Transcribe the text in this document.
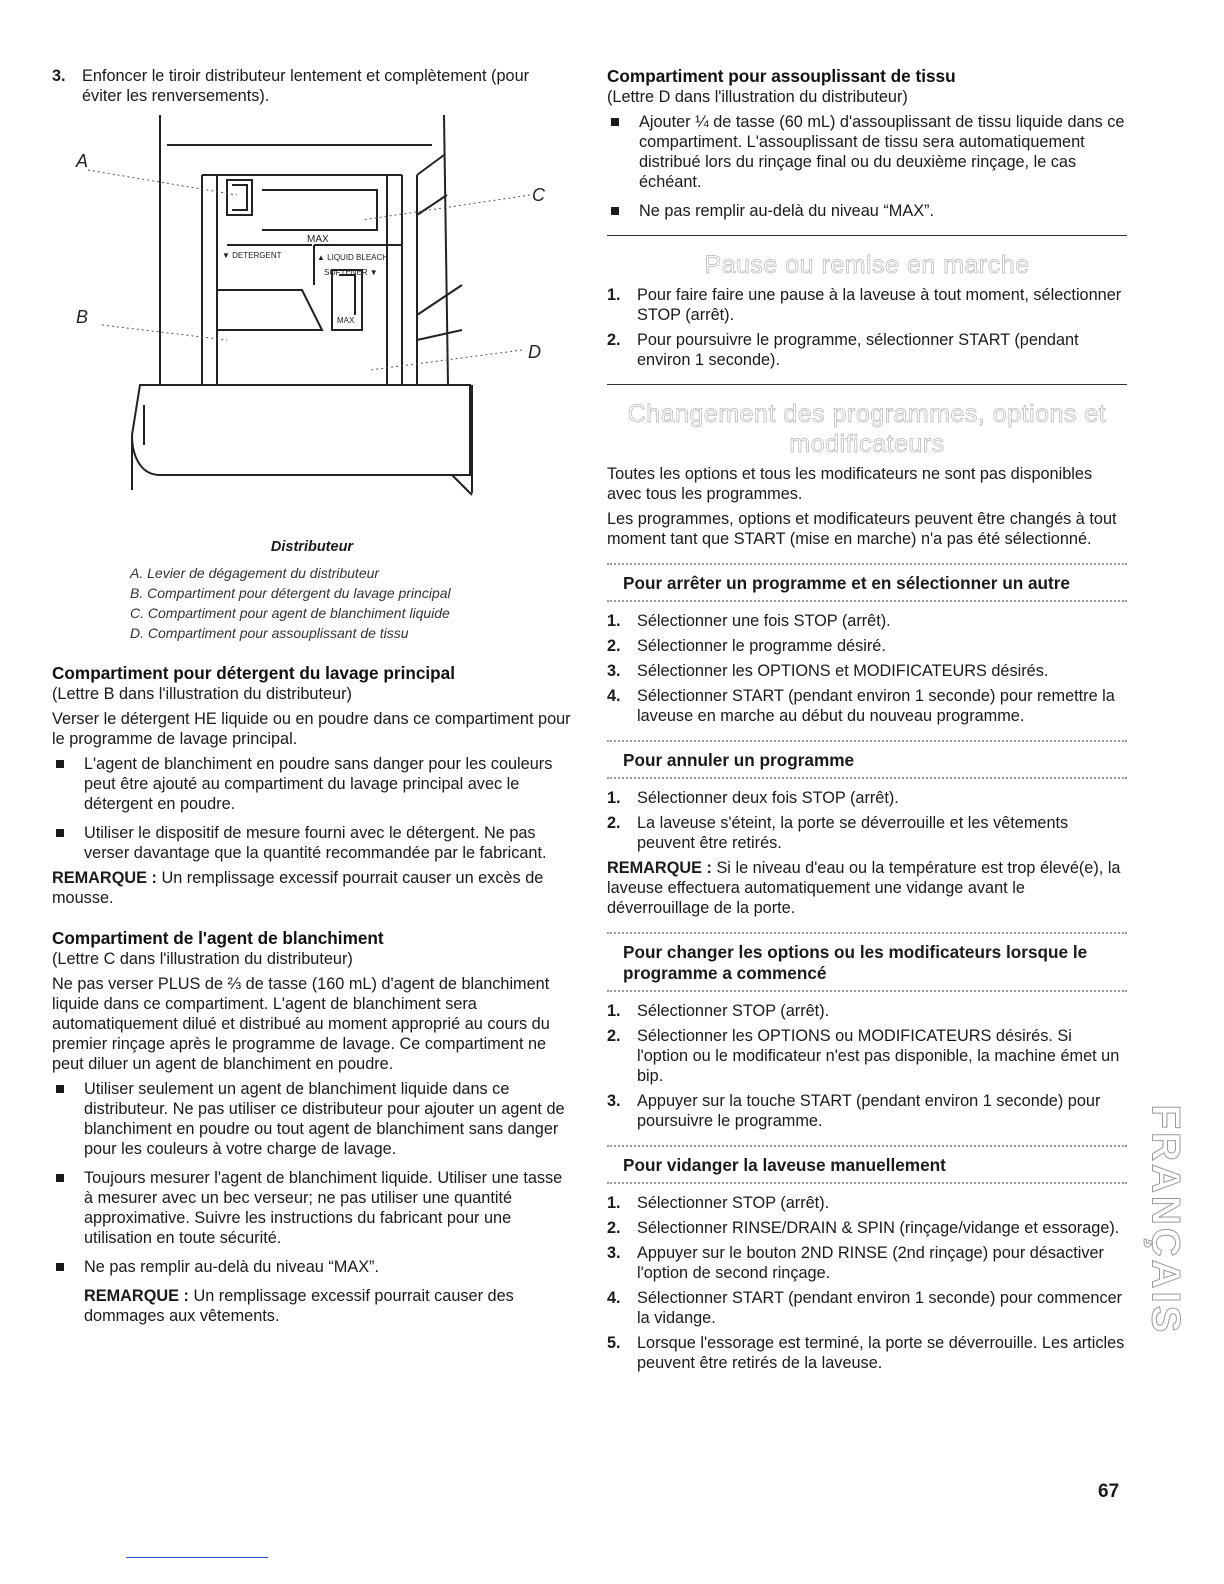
3. Enfoncer le tiroir distributeur lentement et complètement (pour éviter les renversements).

A
B
C
D
MAX
▼ DETERGENT	▲ LIQUID BLEACH
SOFTENER ▼
MAX

Distributeur

A. Levier de dégagement du distributeur

B. Compartiment pour détergent du lavage principal

C. Compartiment pour agent de blanchiment liquide

D. Compartiment pour assouplissant de tissu

Compartiment pour détergent du lavage principal

(Lettre B dans l'illustration du distributeur)

Verser le détergent HE liquide ou en poudre dans ce compartiment pour le programme de lavage principal.

L'agent de blanchiment en poudre sans danger pour les couleurs peut être ajouté au compartiment du lavage principal avec le détergent en poudre.

Utiliser le dispositif de mesure fourni avec le détergent. Ne pas verser davantage que la quantité recommandée par le fabricant.

REMARQUE : Un remplissage excessif pourrait causer un excès de mousse.

Compartiment de l'agent de blanchiment

(Lettre C dans l'illustration du distributeur)

Ne pas verser PLUS de ⅔ de tasse (160 mL) d'agent de blanchiment liquide dans ce compartiment. L'agent de blanchiment sera automatiquement dilué et distribué au moment approprié au cours du premier rinçage après le programme de lavage. Ce compartiment ne peut diluer un agent de blanchiment en poudre.

Utiliser seulement un agent de blanchiment liquide dans ce distributeur. Ne pas utiliser ce distributeur pour ajouter un agent de blanchiment en poudre ou tout agent de blanchiment sans danger pour les couleurs à votre charge de lavage.

Toujours mesurer l'agent de blanchiment liquide. Utiliser une tasse à mesurer avec un bec verseur; ne pas utiliser une quantité approximative. Suivre les instructions du fabricant pour une utilisation en toute sécurité.

Ne pas remplir au-delà du niveau “MAX”.

REMARQUE : Un remplissage excessif pourrait causer des dommages aux vêtements.

Compartiment pour assouplissant de tissu

(Lettre D dans l'illustration du distributeur)

Ajouter ¼ de tasse (60 mL) d'assouplissant de tissu liquide dans ce compartiment. L'assouplissant de tissu sera automatiquement distribué lors du rinçage final ou du deuxième rinçage, le cas échéant.

Ne pas remplir au-delà du niveau “MAX”.

Pause ou remise en marche

1. Pour faire faire une pause à la laveuse à tout moment, sélectionner STOP (arrêt).

2. Pour poursuivre le programme, sélectionner START (pendant environ 1 seconde).

Changement des programmes, options et

modificateurs

Toutes les options et tous les modificateurs ne sont pas disponibles avec tous les programmes.

Les programmes, options et modificateurs peuvent être changés à tout moment tant que START (mise en marche) n'a pas été sélectionné.

Pour arrêter un programme et en sélectionner un autre
1. Sélectionner une fois STOP (arrêt).

2. Sélectionner le programme désiré.

3. Sélectionner les OPTIONS et MODIFICATEURS désirés.

4. Sélectionner START (pendant environ 1 seconde) pour remettre la laveuse en marche au début du nouveau programme.

Pour annuler un programme
1. Sélectionner deux fois STOP (arrêt).

2. La laveuse s'éteint, la porte se déverrouille et les vêtements peuvent être retirés.

REMARQUE : Si le niveau d'eau ou la température est trop élevé(e), la laveuse effectuera automatiquement une vidange avant le déverrouillage de la porte.

Pour changer les options ou les modificateurs lorsque le programme a commencé
1. Sélectionner STOP (arrêt).

2. Sélectionner les OPTIONS ou MODIFICATEURS désirés. Si l'option ou le modificateur n'est pas disponible, la machine émet un bip.

3. Appuyer sur la touche START (pendant environ 1 seconde) pour poursuivre le programme.

Pour vidanger la laveuse manuellement
1. Sélectionner STOP (arrêt).

2. Sélectionner RINSE/DRAIN & SPIN (rinçage/vidange et essorage).

3. Appuyer sur le bouton 2ND RINSE (2nd rinçage) pour désactiver l'option de second rinçage.

4. Sélectionner START (pendant environ 1 seconde) pour commencer la vidange.

5. Lorsque l'essorage est terminé, la porte se déverrouille. Les articles peuvent être retirés de la laveuse.

FRANÇAIS
67
